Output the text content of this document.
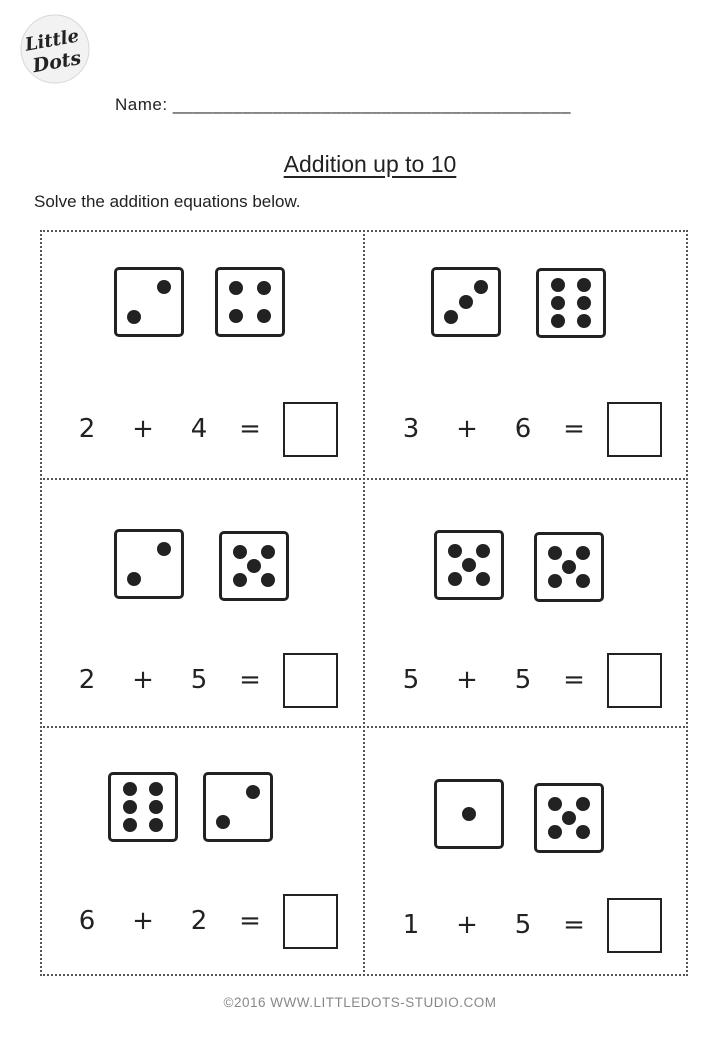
Little
Dots
Name: ________________________________________
Addition up to 10
Solve the addition equations below.
2	+	4	=	3	+	6	=
2	+	5	=	5	+	5	=
6	+	2	=	1	+	5	=
©2016 WWW.LITTLEDOTS-STUDIO.COM
